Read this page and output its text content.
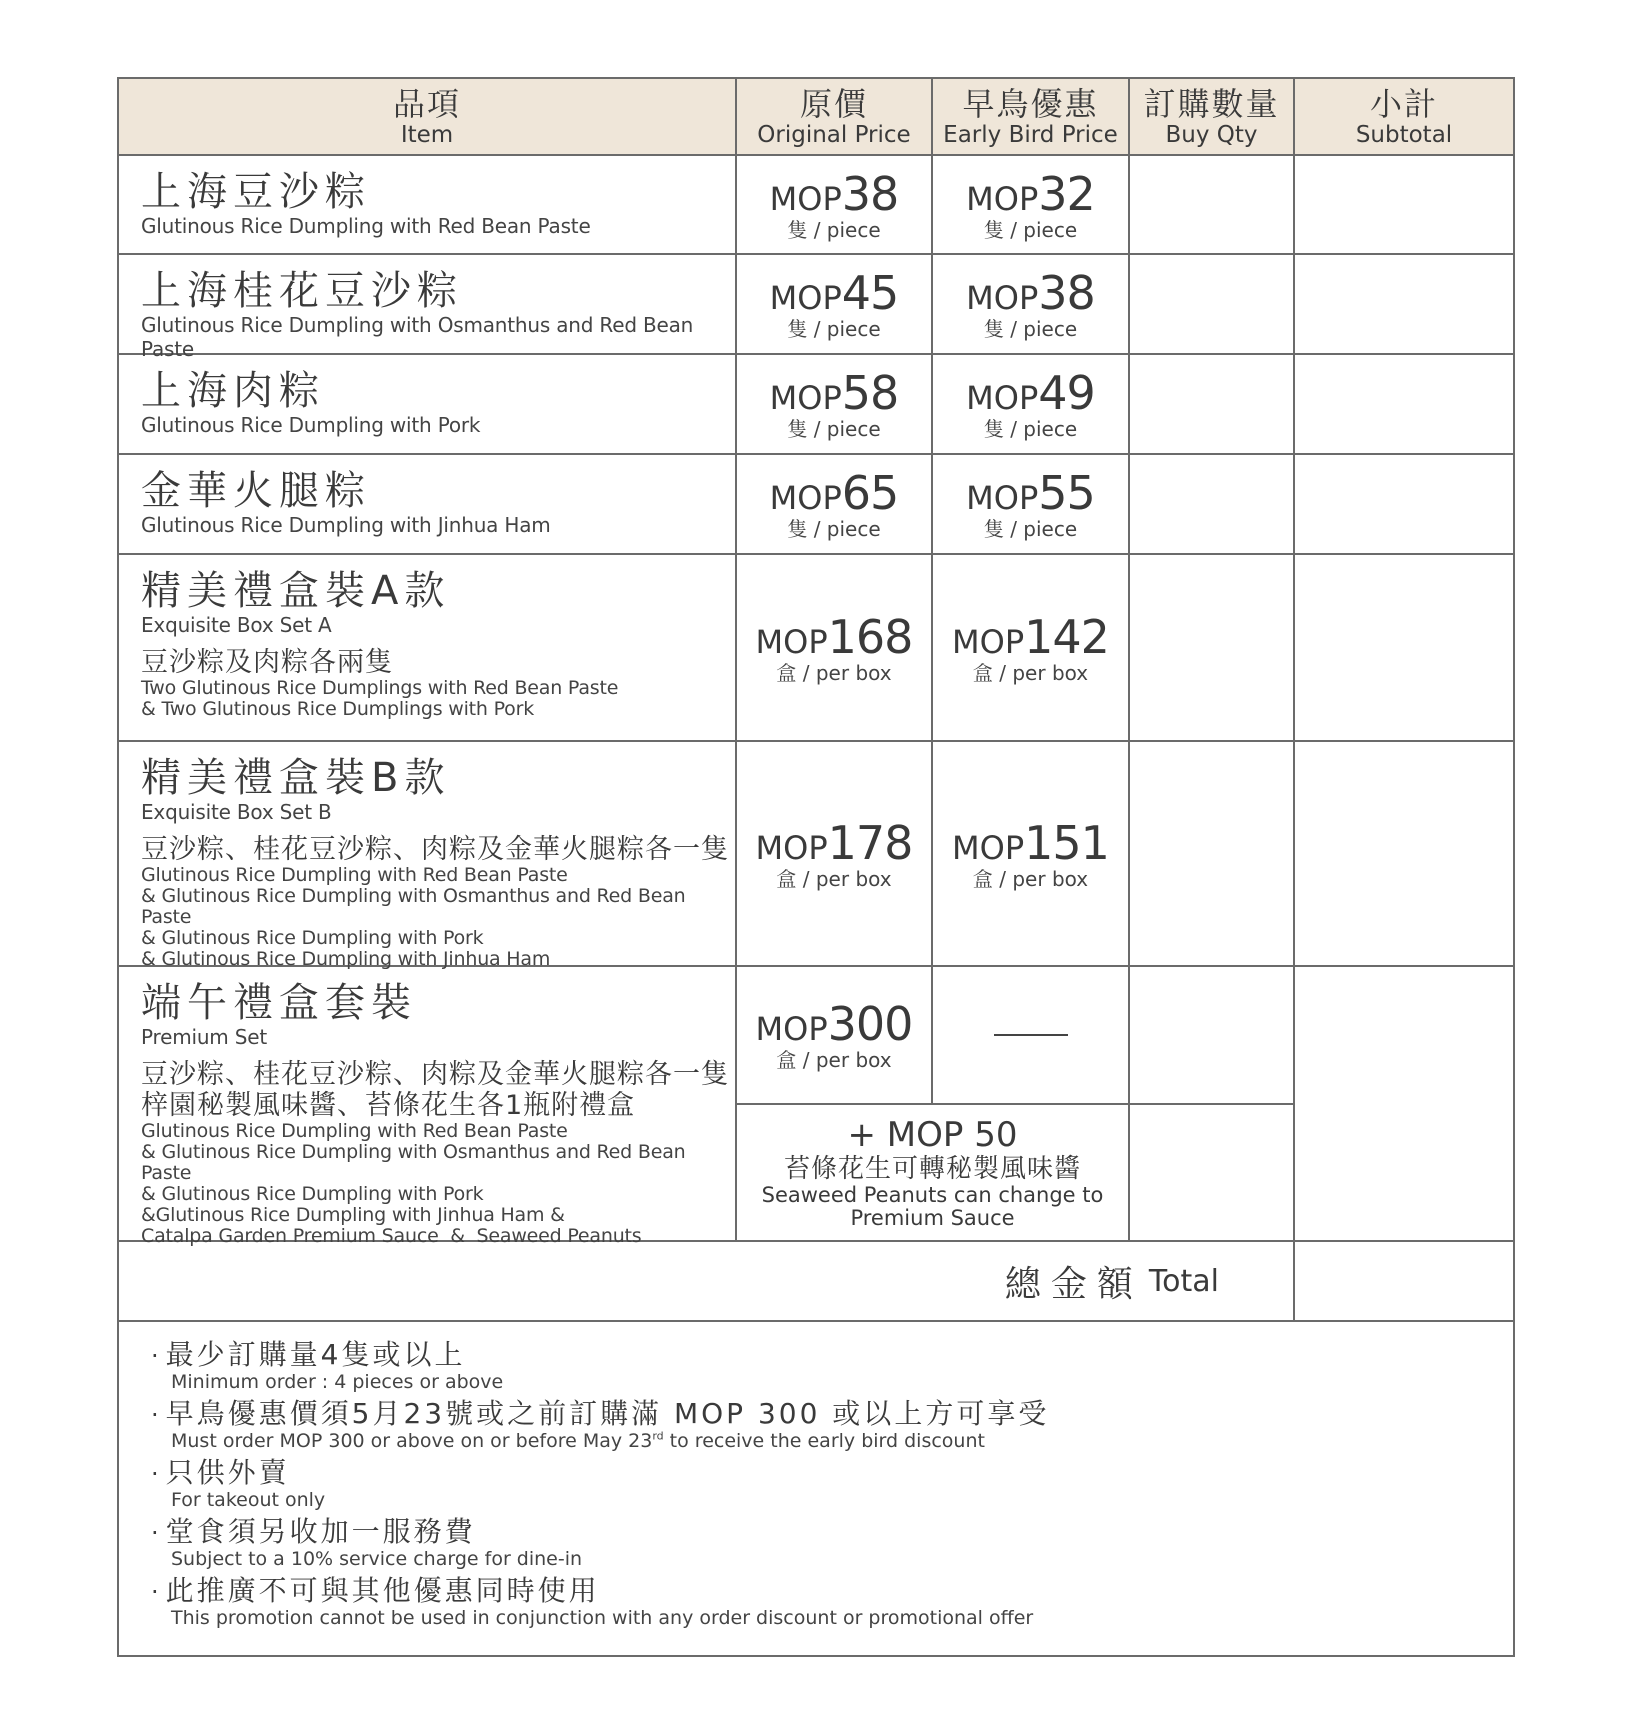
品項
Item
原價
Original Price
早鳥優惠
Early Bird Price
訂購數量
Buy Qty
小計
Subtotal
上海豆沙粽
Glutinous Rice Dumpling with Red Bean Paste
MOP 38
隻 / piece
MOP 32
隻 / piece
上海桂花豆沙粽
Glutinous Rice Dumpling with Osmanthus and Red Bean Paste
MOP 45
隻 / piece
MOP 38
隻 / piece
上海肉粽
Glutinous Rice Dumpling with Pork
MOP 58
隻 / piece
MOP 49
隻 / piece
金華火腿粽
Glutinous Rice Dumpling with Jinhua Ham
MOP 65
隻 / piece
MOP 55
隻 / piece
精美禮盒裝A款
Exquisite Box Set A
豆沙粽及肉粽各兩隻
Two Glutinous Rice Dumplings with Red Bean Paste
& Two Glutinous Rice Dumplings with Pork
MOP 168
盒 / per box
MOP 142
盒 / per box
精美禮盒裝B款
Exquisite Box Set B
豆沙粽、桂花豆沙粽、肉粽及金華火腿粽各一隻
Glutinous Rice Dumpling with Red Bean Paste
& Glutinous Rice Dumpling with Osmanthus and Red Bean Paste
& Glutinous Rice Dumpling with Pork
& Glutinous Rice Dumpling with Jinhua Ham
MOP 178
盒 / per box
MOP 151
盒 / per box
端午禮盒套裝
Premium Set
豆沙粽、桂花豆沙粽、肉粽及金華火腿粽各一隻
梓園秘製風味醬、苔條花生各1瓶附禮盒
Glutinous Rice Dumpling with Red Bean Paste
& Glutinous Rice Dumpling with Osmanthus and Red Bean Paste
& Glutinous Rice Dumpling with Pork
&Glutinous Rice Dumpling with Jinhua Ham &
Catalpa Garden Premium Sauce  &  Seaweed Peanuts
MOP 300
盒 / per box
+ MOP 50
苔條花生可轉秘製風味醬
Seaweed Peanuts can change to
Premium Sauce
總金額 Total
· 最少訂購量4隻或以上
Minimum order : 4 pieces or above
· 早鳥優惠價須5月23號或之前訂購滿 MOP 300 或以上方可享受
Must order MOP 300 or above on or before May 23rd to receive the early bird discount
· 只供外賣
For takeout only
· 堂食須另收加一服務費
Subject to a 10% service charge for dine-in
· 此推廣不可與其他優惠同時使用
This promotion cannot be used in conjunction with any order discount or promotional offer
